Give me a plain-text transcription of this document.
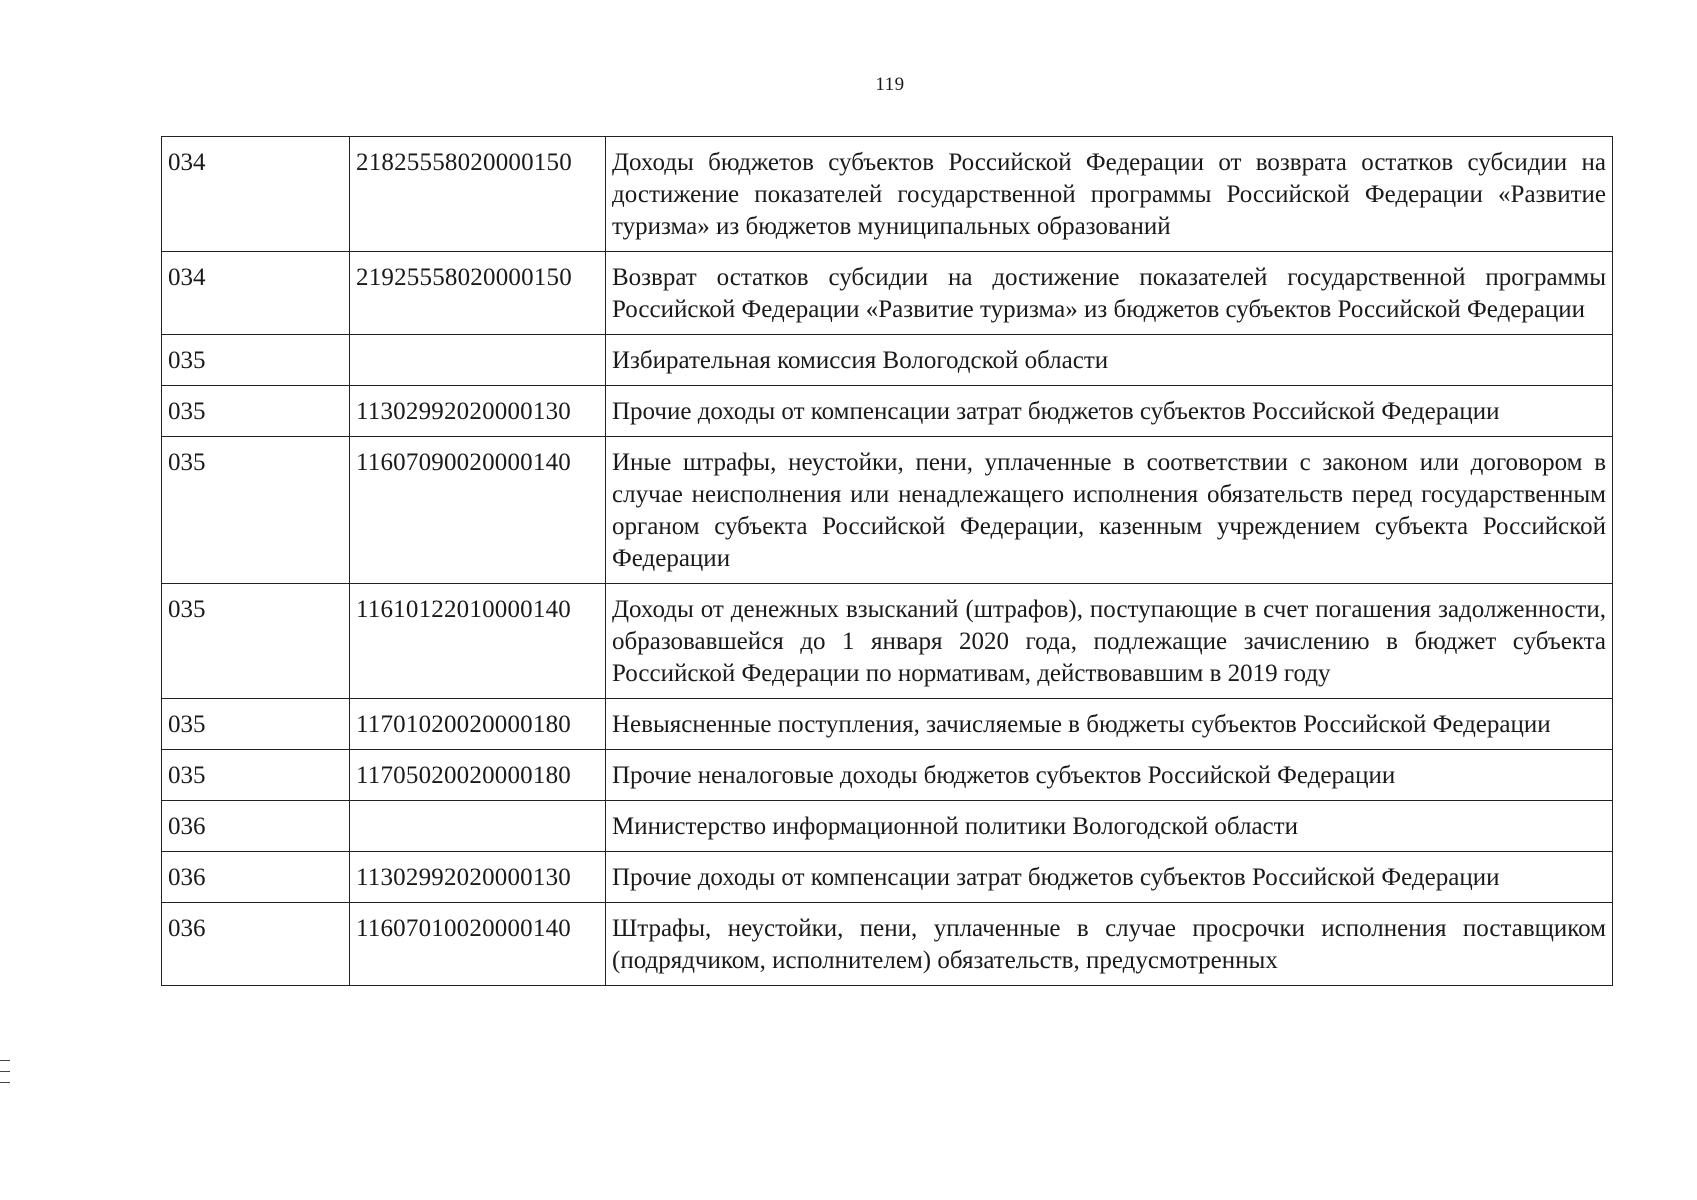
119
034	21825558020000150	Доходы бюджетов субъектов Российской Федерации от возврата остатков субсидии на достижение показателей государственной программы Российской Федерации «Развитие туризма» из бюджетов муниципальных образований
034	21925558020000150	Возврат остатков субсидии на достижение показателей государственной программы Российской Федерации «Развитие туризма» из бюджетов субъектов Российской Федерации
035		Избирательная комиссия Вологодской области
035	11302992020000130	Прочие доходы от компенсации затрат бюджетов субъектов Российской Федерации
035	11607090020000140	Иные штрафы, неустойки, пени, уплаченные в соответствии с законом или договором в случае неисполнения или ненадлежащего исполнения обязательств перед государственным органом субъекта Российской Федерации, казенным учреждением субъекта Российской Федерации
035	11610122010000140	Доходы от денежных взысканий (штрафов), поступающие в счет погашения задолженности, образовавшейся до 1 января 2020 года, подлежащие зачислению в бюджет субъекта Российской Федерации по нормативам, действовавшим в 2019 году
035	11701020020000180	Невыясненные поступления, зачисляемые в бюджеты субъектов Российской Федерации
035	11705020020000180	Прочие неналоговые доходы бюджетов субъектов Российской Федерации
036		Министерство информационной политики Вологодской области
036	11302992020000130	Прочие доходы от компенсации затрат бюджетов субъектов Российской Федерации
036	11607010020000140	Штрафы, неустойки, пени, уплаченные в случае просрочки исполнения поставщиком (подрядчиком, исполнителем) обязательств, предусмотренных
